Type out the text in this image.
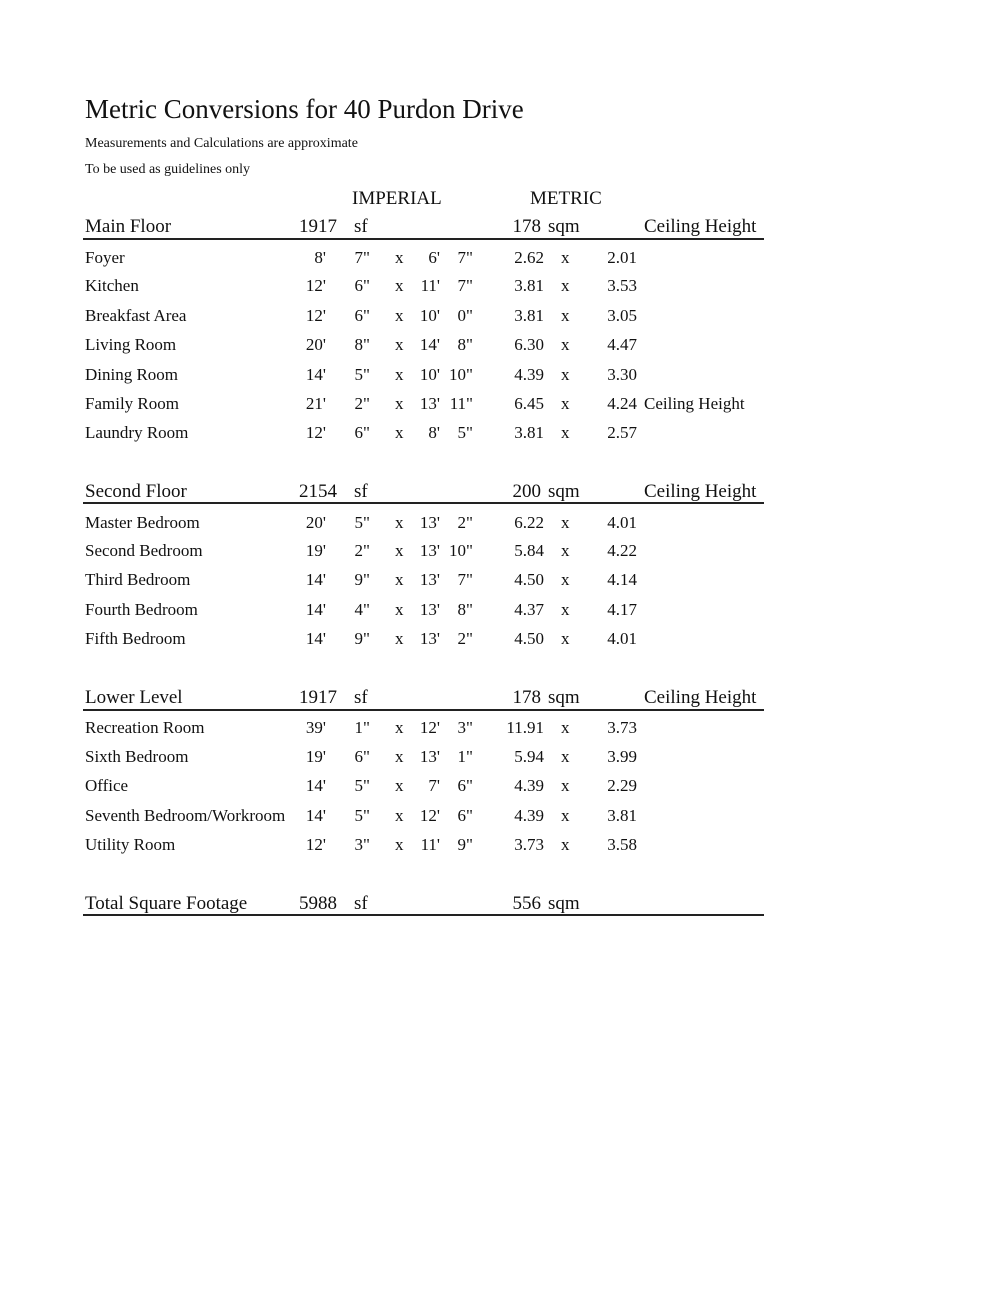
Metric Conversions for 40 Purdon Drive
Measurements and Calculations are approximate
To be used as guidelines only
IMPERIAL	METRIC
Main Floor	1917 sf	178 sqm	Ceiling Height
Foyer	8'	7" x	6'	7"	2.62 x	2.01
Kitchen	12'	6" x	11'	7"	3.81 x	3.53
Breakfast Area	12'	6" x 10'	0"	3.81 x	3.05
Living Room	20'	8" x 14'	8"	6.30 x	4.47
Dining Room	14'	5" x 10' 10"	4.39 x	3.30
Family Room	21'	2" x 13' 11"	6.45 x	4.24 Ceiling Height
Laundry Room	12'	6" x	8'	5"	3.81 x	2.57
Second Floor	2154 sf	200 sqm	Ceiling Height
Master Bedroom	20'	5" x 13'	2"	6.22 x	4.01
Second Bedroom	19'	2" x 13' 10"	5.84 x	4.22
Third Bedroom	14'	9" x 13'	7"	4.50 x	4.14
Fourth Bedroom	14'	4" x 13'	8"	4.37 x	4.17
Fifth Bedroom	14'	9" x 13'	2"	4.50 x	4.01
Lower Level	1917 sf	178 sqm	Ceiling Height
Recreation Room	39'	1" x 12'	3"	11.91 x	3.73
Sixth Bedroom	19'	6" x 13'	1"	5.94 x	3.99
Office	14'	5" x	7'	6"	4.39 x	2.29
Seventh Bedroom/Workroom	14'	5" x 12'	6"	4.39 x	3.81
Utility Room	12'	3" x	11'	9"	3.73 x	3.58
Total Square Footage	5988 sf	556 sqm
